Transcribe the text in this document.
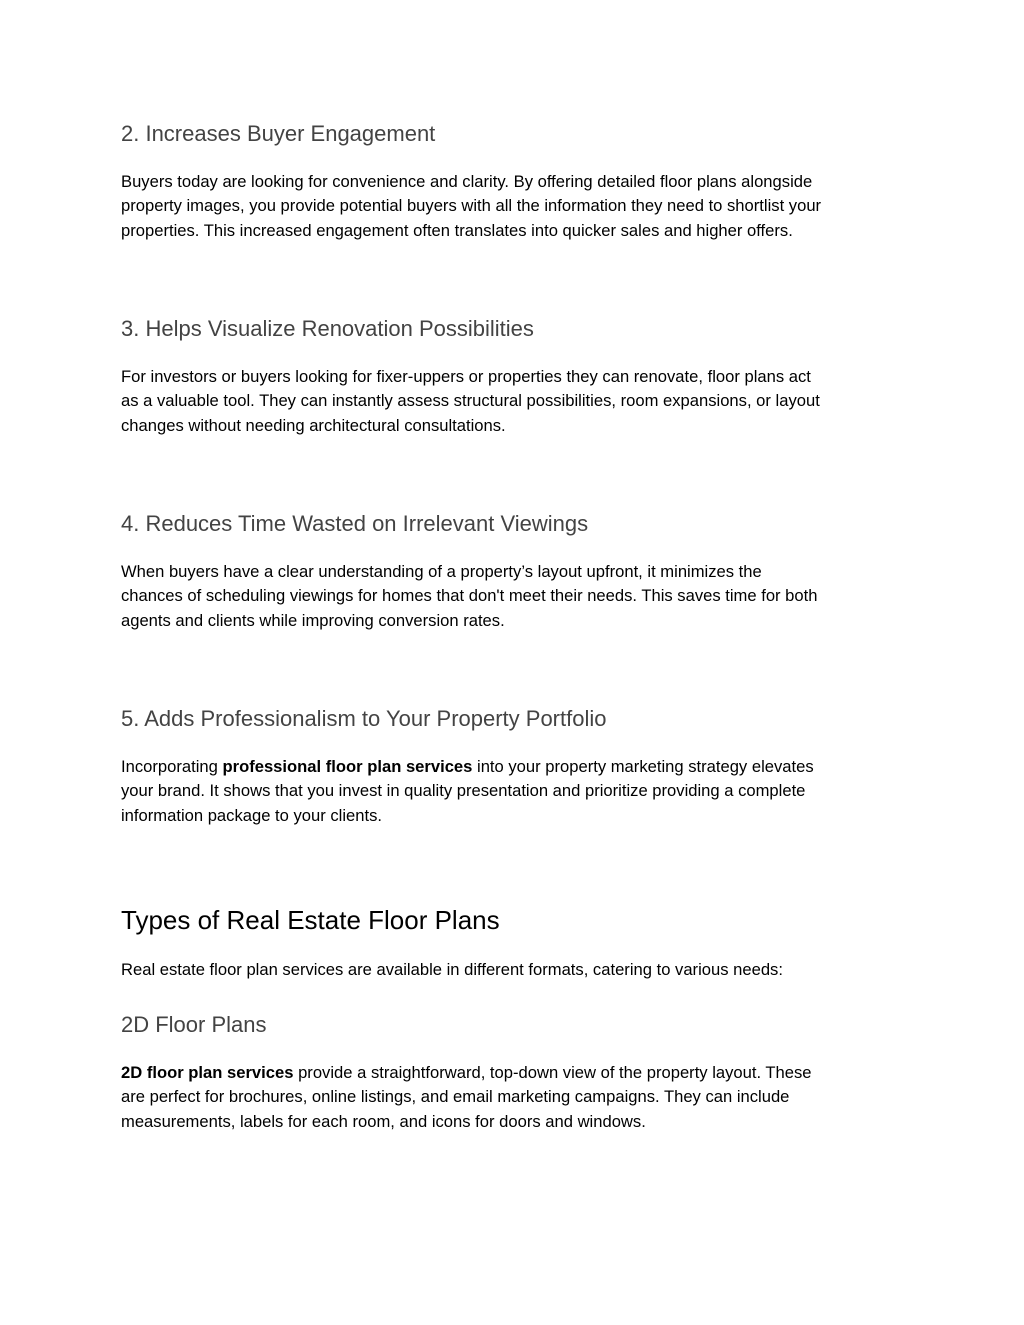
2. Increases Buyer Engagement
Buyers today are looking for convenience and clarity. By offering detailed floor plans alongside
property images, you provide potential buyers with all the information they need to shortlist your
properties. This increased engagement often translates into quicker sales and higher offers.
3. Helps Visualize Renovation Possibilities
For investors or buyers looking for fixer-uppers or properties they can renovate, floor plans act
as a valuable tool. They can instantly assess structural possibilities, room expansions, or layout
changes without needing architectural consultations.
4. Reduces Time Wasted on Irrelevant Viewings
When buyers have a clear understanding of a property’s layout upfront, it minimizes the
chances of scheduling viewings for homes that don't meet their needs. This saves time for both
agents and clients while improving conversion rates.
5. Adds Professionalism to Your Property Portfolio
Incorporating professional floor plan services into your property marketing strategy elevates
your brand. It shows that you invest in quality presentation and prioritize providing a complete
information package to your clients.
Types of Real Estate Floor Plans
Real estate floor plan services are available in different formats, catering to various needs:
2D Floor Plans
2D floor plan services provide a straightforward, top-down view of the property layout. These
are perfect for brochures, online listings, and email marketing campaigns. They can include
measurements, labels for each room, and icons for doors and windows.
